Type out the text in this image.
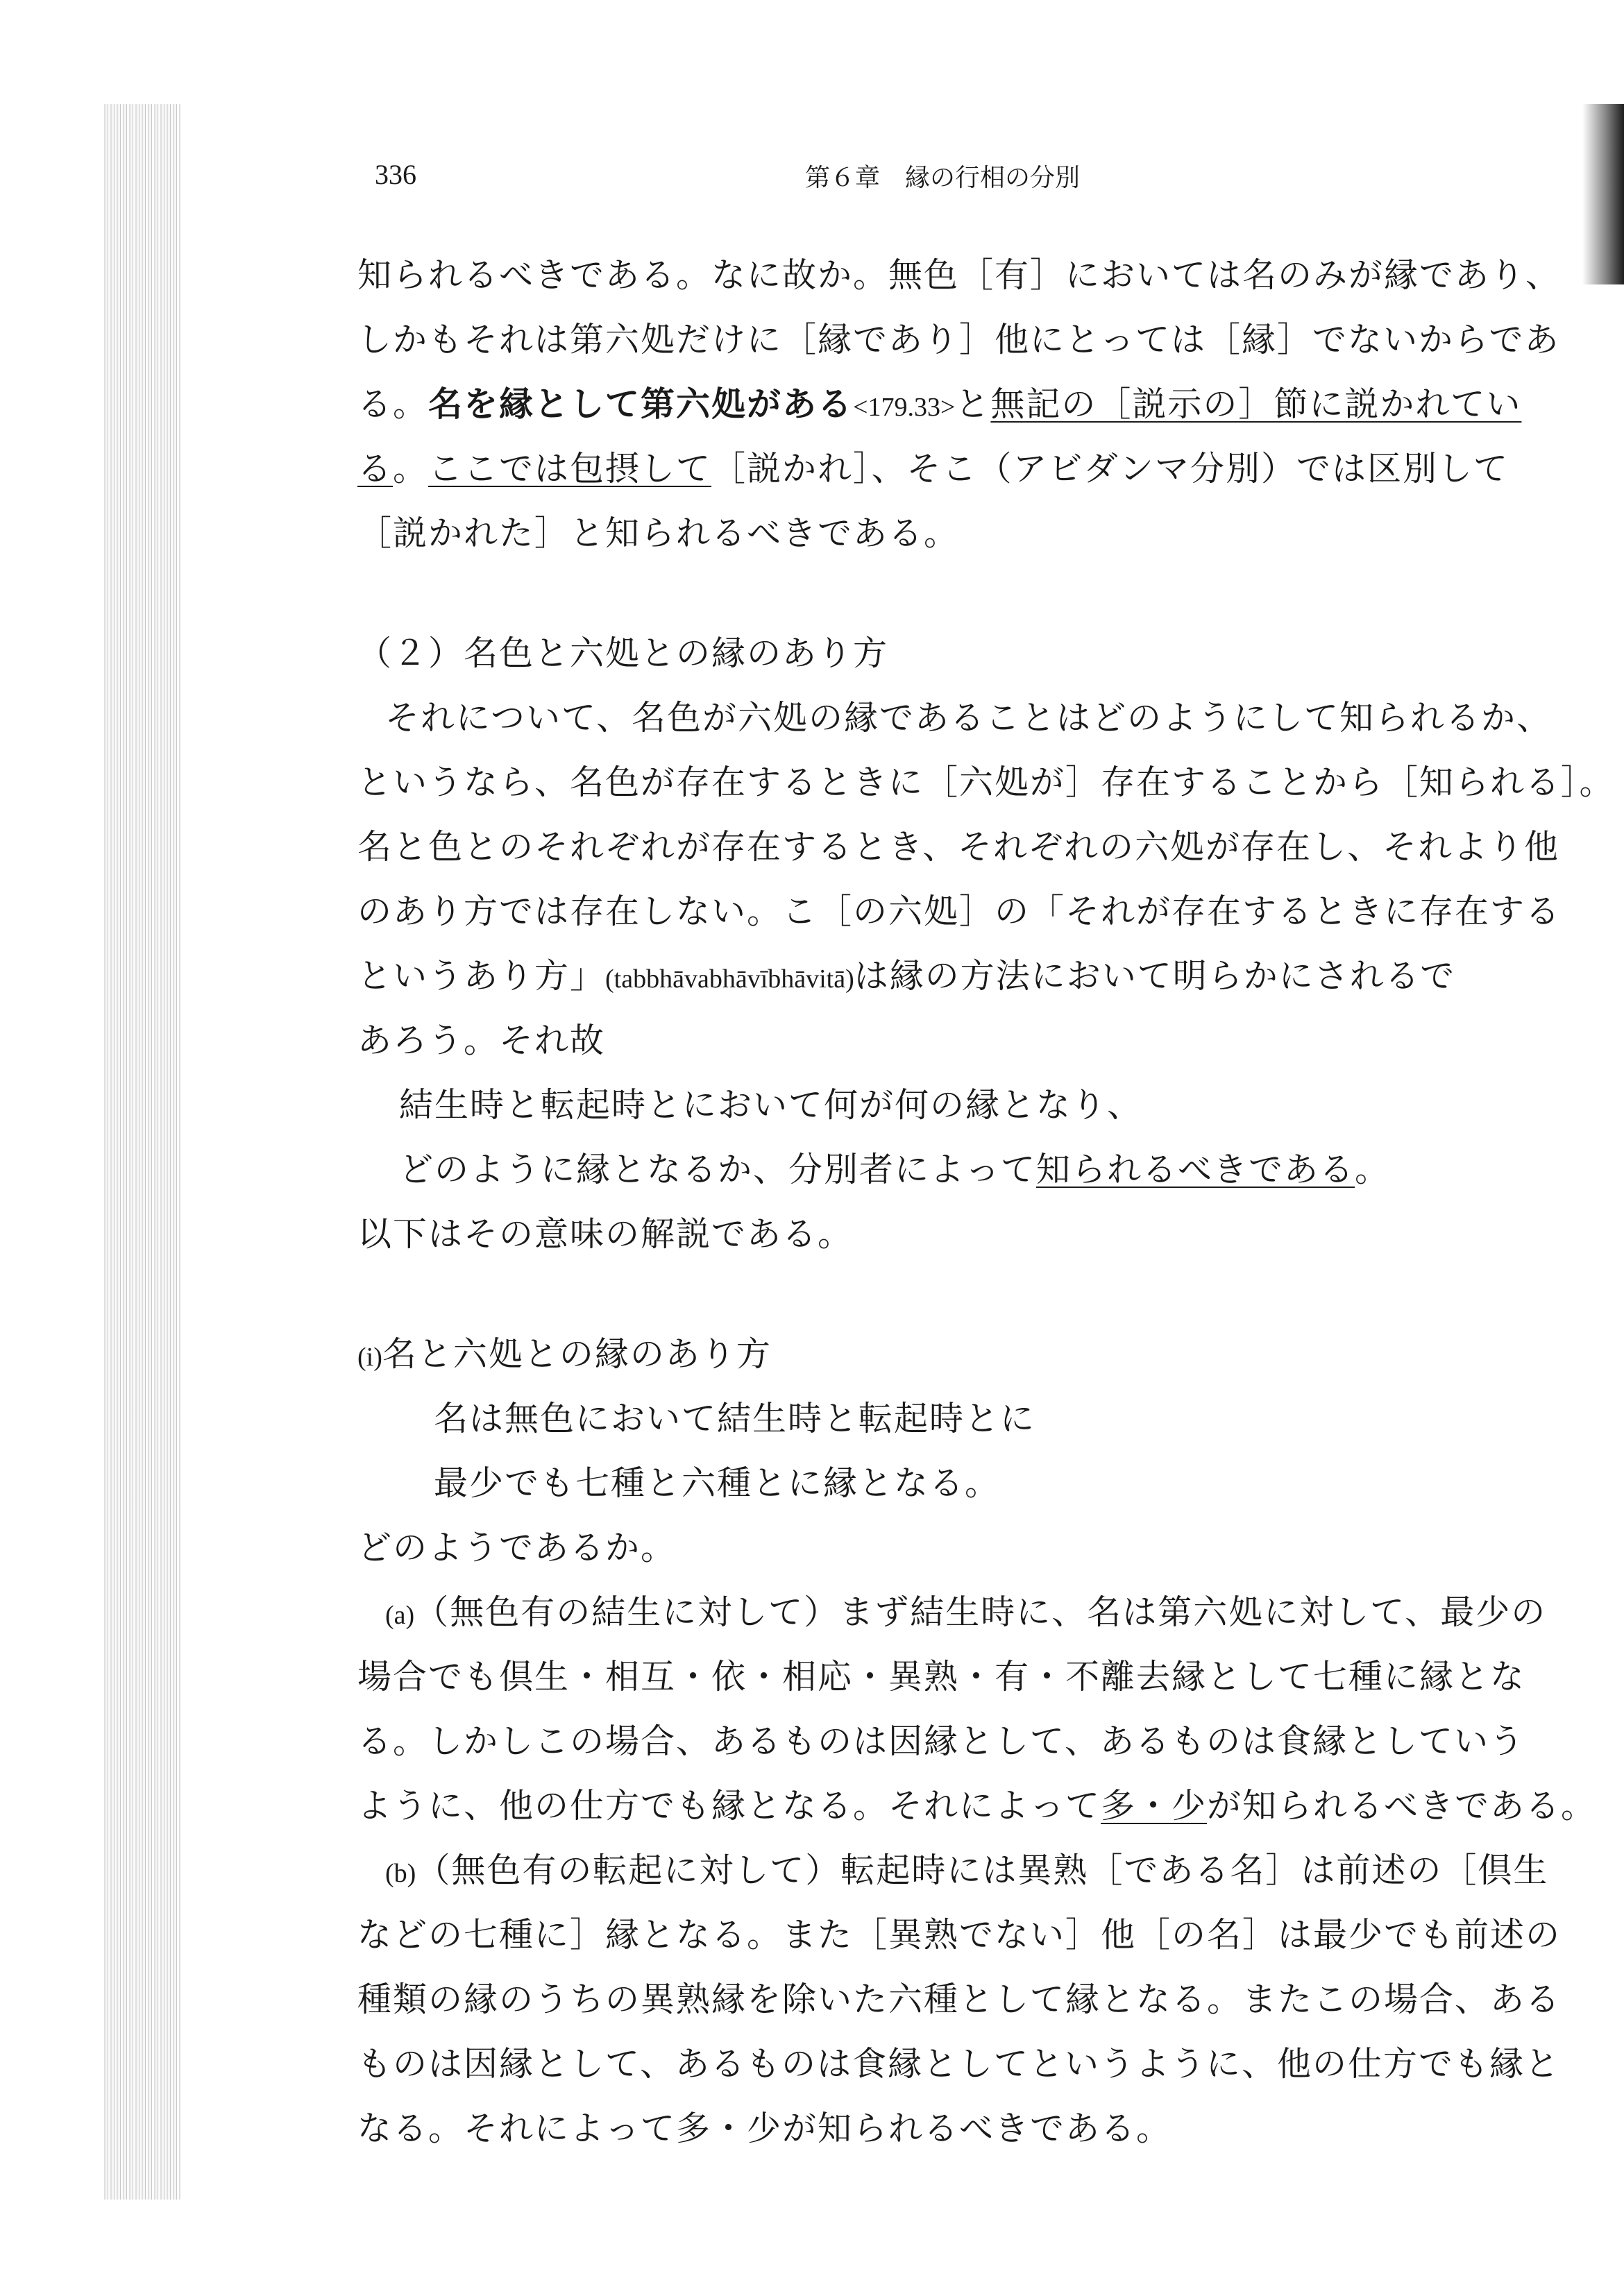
336	第６章　縁の行相の分別
知られるべきである。なに故か。無色［有］においては名のみが縁であり、
しかもそれは第六処だけに［縁であり］他にとっては［縁］でないからであ
る。名を縁として第六処がある<179.33>と無記の［説示の］節に説かれてい
る。ここでは包摂して［説かれ］、そこ（アビダンマ分別）では区別して
［説かれた］と知られるべきである。
（２）名色と六処との縁のあり方
それについて、名色が六処の縁であることはどのようにして知られるか、
というなら、名色が存在するときに［六処が］存在することから［知られる］。
名と色とのそれぞれが存在するとき、それぞれの六処が存在し、それより他
のあり方では存在しない。こ［の六処］の「それが存在するときに存在する
というあり方」(tabbhāvabhāvībhāvitā)は縁の方法において明らかにされるで
あろう。それ故
結生時と転起時とにおいて何が何の縁となり、
どのように縁となるか、分別者によって知られるべきである。
以下はその意味の解説である。
(i)名と六処との縁のあり方
名は無色において結生時と転起時とに
最少でも七種と六種とに縁となる。
どのようであるか。
(a)（無色有の結生に対して）まず結生時に、名は第六処に対して、最少の
場合でも倶生・相互・依・相応・異熟・有・不離去縁として七種に縁とな
る。しかしこの場合、あるものは因縁として、あるものは食縁としていう
ように、他の仕方でも縁となる。それによって多・少が知られるべきである。
(b)（無色有の転起に対して）転起時には異熟［である名］は前述の［倶生
などの七種に］縁となる。また［異熟でない］他［の名］は最少でも前述の
種類の縁のうちの異熟縁を除いた六種として縁となる。またこの場合、ある
ものは因縁として、あるものは食縁としてというように、他の仕方でも縁と
なる。それによって多・少が知られるべきである。
